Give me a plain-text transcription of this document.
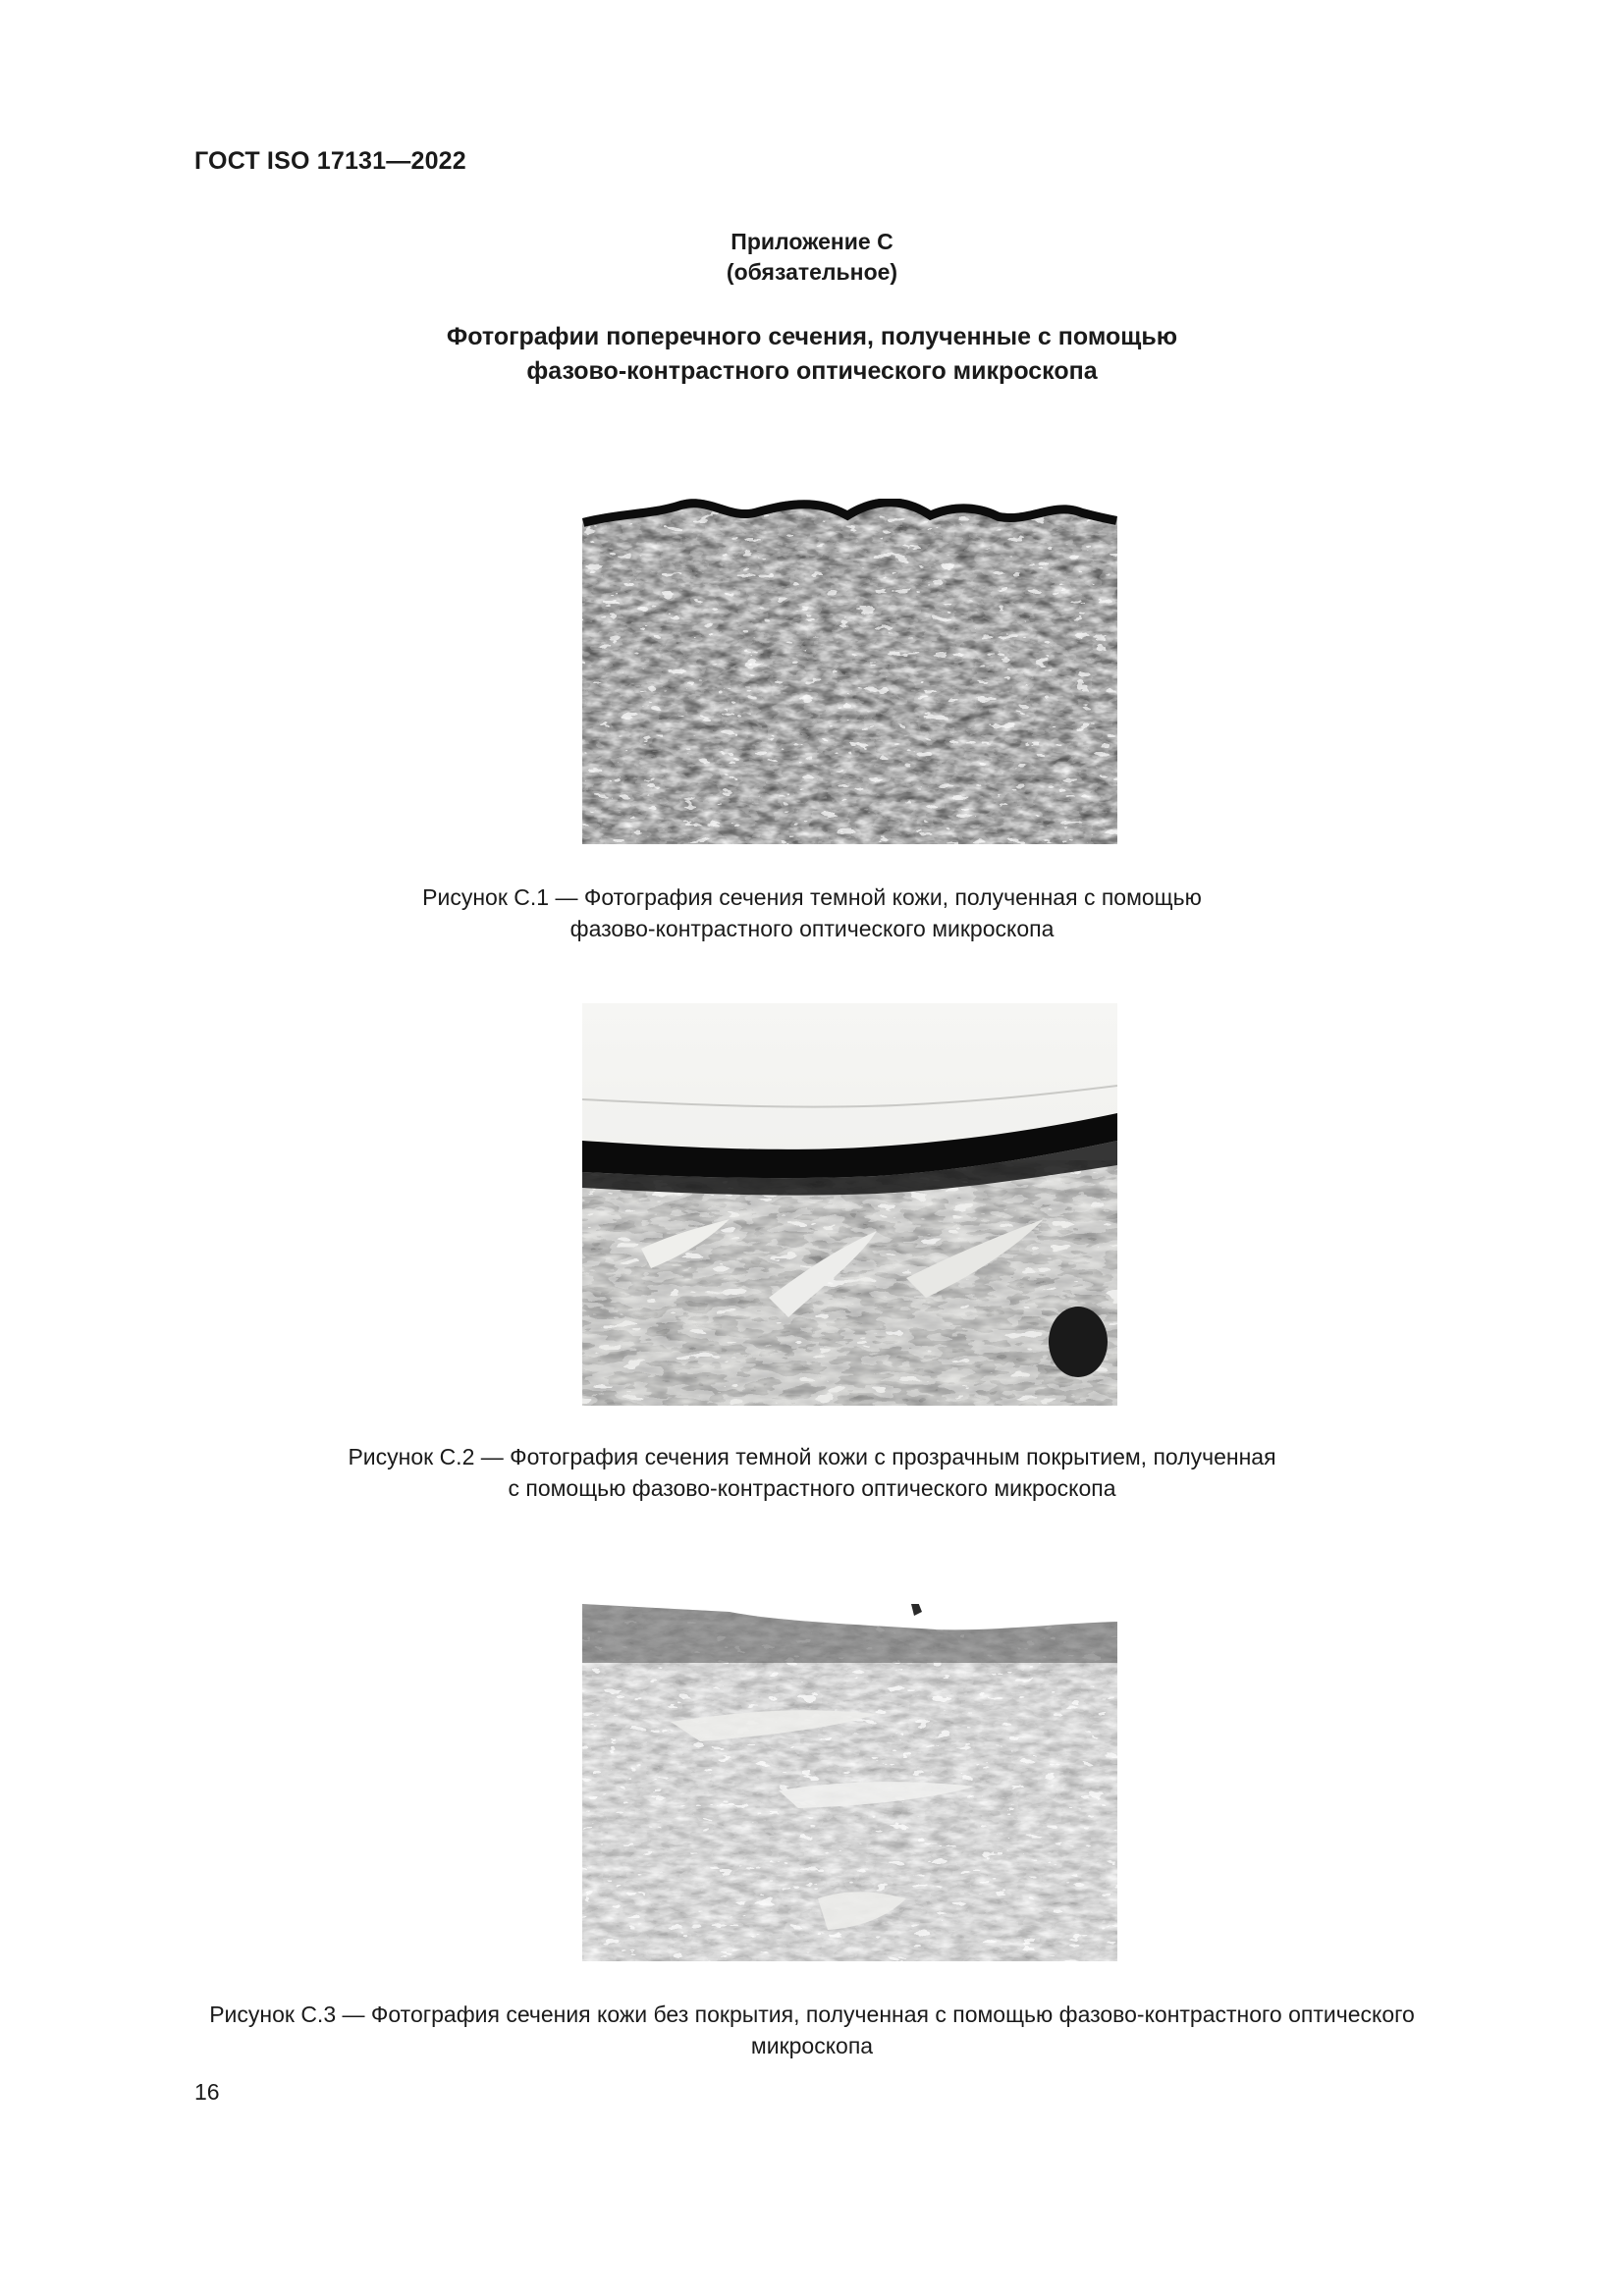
ГОСТ ISO 17131—2022
Приложение С
(обязательное)
Фотографии поперечного сечения, полученные с помощью
фазово-контрастного оптического микроскопа
Рисунок С.1 — Фотография сечения темной кожи, полученная с помощью
фазово-контрастного оптического микроскопа
Рисунок С.2 — Фотография сечения темной кожи с прозрачным покрытием, полученная
с помощью фазово-контрастного оптического микроскопа
Рисунок С.3 — Фотография сечения кожи без покрытия, полученная с помощью фазово-контрастного оптического
микроскопа
16
